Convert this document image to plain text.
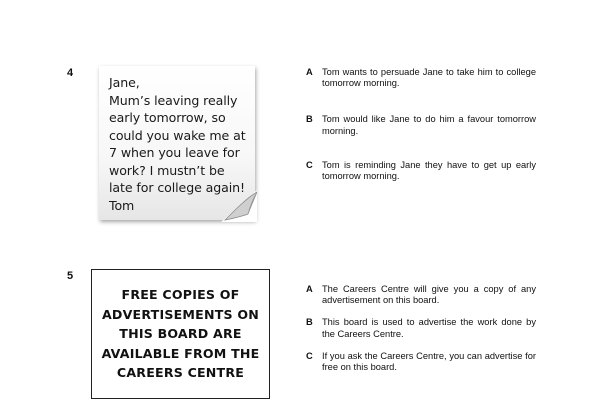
4
Jane,
Mum’s leaving really
early tomorrow, so
could you wake me at
7 when you leave for
work? I mustn’t be
late for college again!
Tom
A Tom wants to persuade Jane to take him to college tomorrow morning.
B Tom would like Jane to do him a favour tomorrow morning.
C Tom is reminding Jane they have to get up early tomorrow morning.
5
FREE COPIES OF
ADVERTISEMENTS ON
THIS BOARD ARE
AVAILABLE FROM THE
CAREERS CENTRE
A The Careers Centre will give you a copy of any advertisement on this board.
B This board is used to advertise the work done by the Careers Centre.
C If you ask the Careers Centre, you can advertise for free on this board.
